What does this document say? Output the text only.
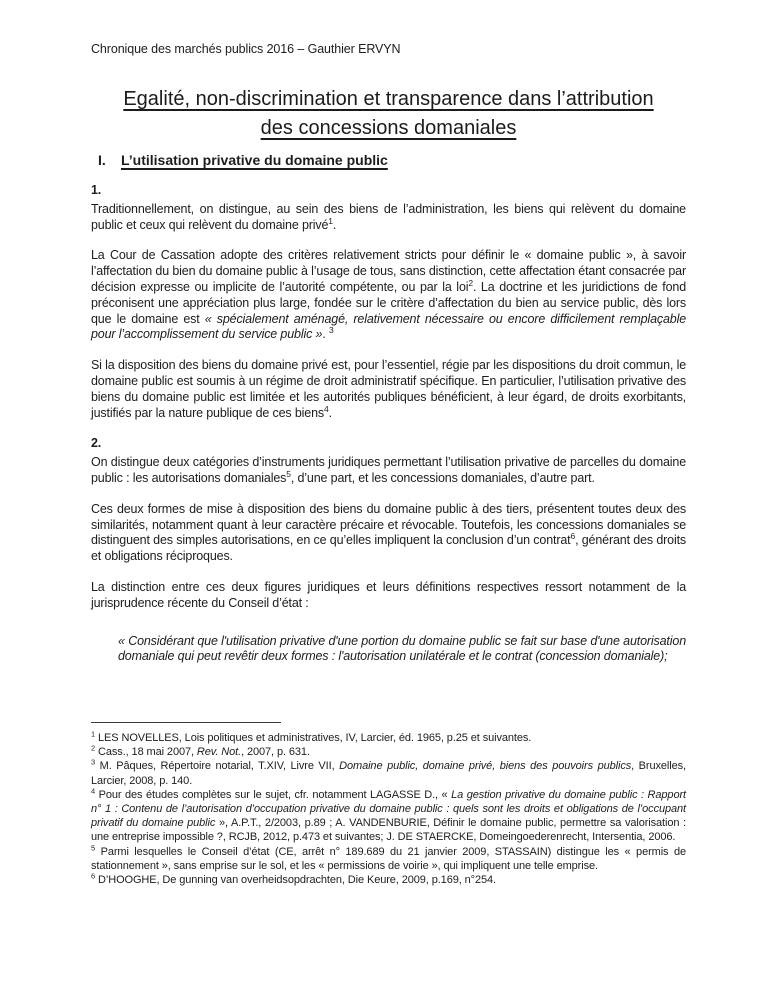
Chronique des marchés publics 2016 – Gauthier ERVYN
Egalité, non-discrimination et transparence dans l’attribution
des concessions domaniales
I.	L’utilisation privative du domaine public
1.

Traditionnellement, on distingue, au sein des biens de l’administration, les biens qui relèvent du domaine public et ceux qui relèvent du domaine privé$^1$.

La Cour de Cassation adopte des critères relativement stricts pour définir le « domaine public », à savoir l’affectation du bien du domaine public à l’usage de tous, sans distinction, cette affectation étant consacrée par décision expresse ou implicite de l’autorité compétente, ou par la loi$^2$. La doctrine et les juridictions de fond préconisent une appréciation plus large, fondée sur le critère d’affectation du bien au service public, dès lors que le domaine est « spécialement aménagé, relativement nécessaire ou encore difficilement remplaçable pour l’accomplissement du service public ». $^3$

Si la disposition des biens du domaine privé est, pour l’essentiel, régie par les dispositions du droit commun, le domaine public est soumis à un régime de droit administratif spécifique. En particulier, l’utilisation privative des biens du domaine public est limitée et les autorités publiques bénéficient, à leur égard, de droits exorbitants, justifiés par la nature publique de ces biens$^4$.

2.

On distingue deux catégories d’instruments juridiques permettant l’utilisation privative de parcelles du domaine public : les autorisations domaniales$^5$, d’une part, et les concessions domaniales, d’autre part.

Ces deux formes de mise à disposition des biens du domaine public à des tiers, présentent toutes deux des similarités, notamment quant à leur caractère précaire et révocable. Toutefois, les concessions domaniales se distinguent des simples autorisations, en ce qu’elles impliquent la conclusion d’un contrat$^6$, générant des droits et obligations réciproques.

La distinction entre ces deux figures juridiques et leurs définitions respectives ressort notamment de la jurisprudence récente du Conseil d’état :

« Considérant que l'utilisation privative d'une portion du domaine public se fait sur base d'une autorisation domaniale qui peut revêtir deux formes : l'autorisation unilatérale et le contrat (concession domaniale);

$^1$ LES NOVELLES, Lois politiques et administratives, IV, Larcier, éd. 1965, p.25 et suivantes.
$^2$ Cass., 18 mai 2007, Rev. Not., 2007, p. 631.
$^3$ M. Pâques, Répertoire notarial, T.XIV, Livre VII, Domaine public, domaine privé, biens des pouvoirs publics, Bruxelles, Larcier, 2008, p. 140.
$^4$ Pour des études complètes sur le sujet, cfr. notamment LAGASSE D., « La gestion privative du domaine public : Rapport n° 1 : Contenu de l’autorisation d’occupation privative du domaine public : quels sont les droits et obligations de l’occupant privatif du domaine public », A.P.T., 2/2003, p.89 ; A. VANDENBURIE, Définir le domaine public, permettre sa valorisation : une entreprise impossible ?, RCJB, 2012, p.473 et suivantes; J. DE STAERCKE, Domeingoederenrecht, Intersentia, 2006.
$^5$ Parmi lesquelles le Conseil d’état (CE, arrêt n° 189.689 du 21 janvier 2009, STASSAIN) distingue les « permis de stationnement », sans emprise sur le sol, et les « permissions de voirie », qui impliquent une telle emprise.
$^6$ D’HOOGHE, De gunning van overheidsopdrachten, Die Keure, 2009, p.169, n°254.
